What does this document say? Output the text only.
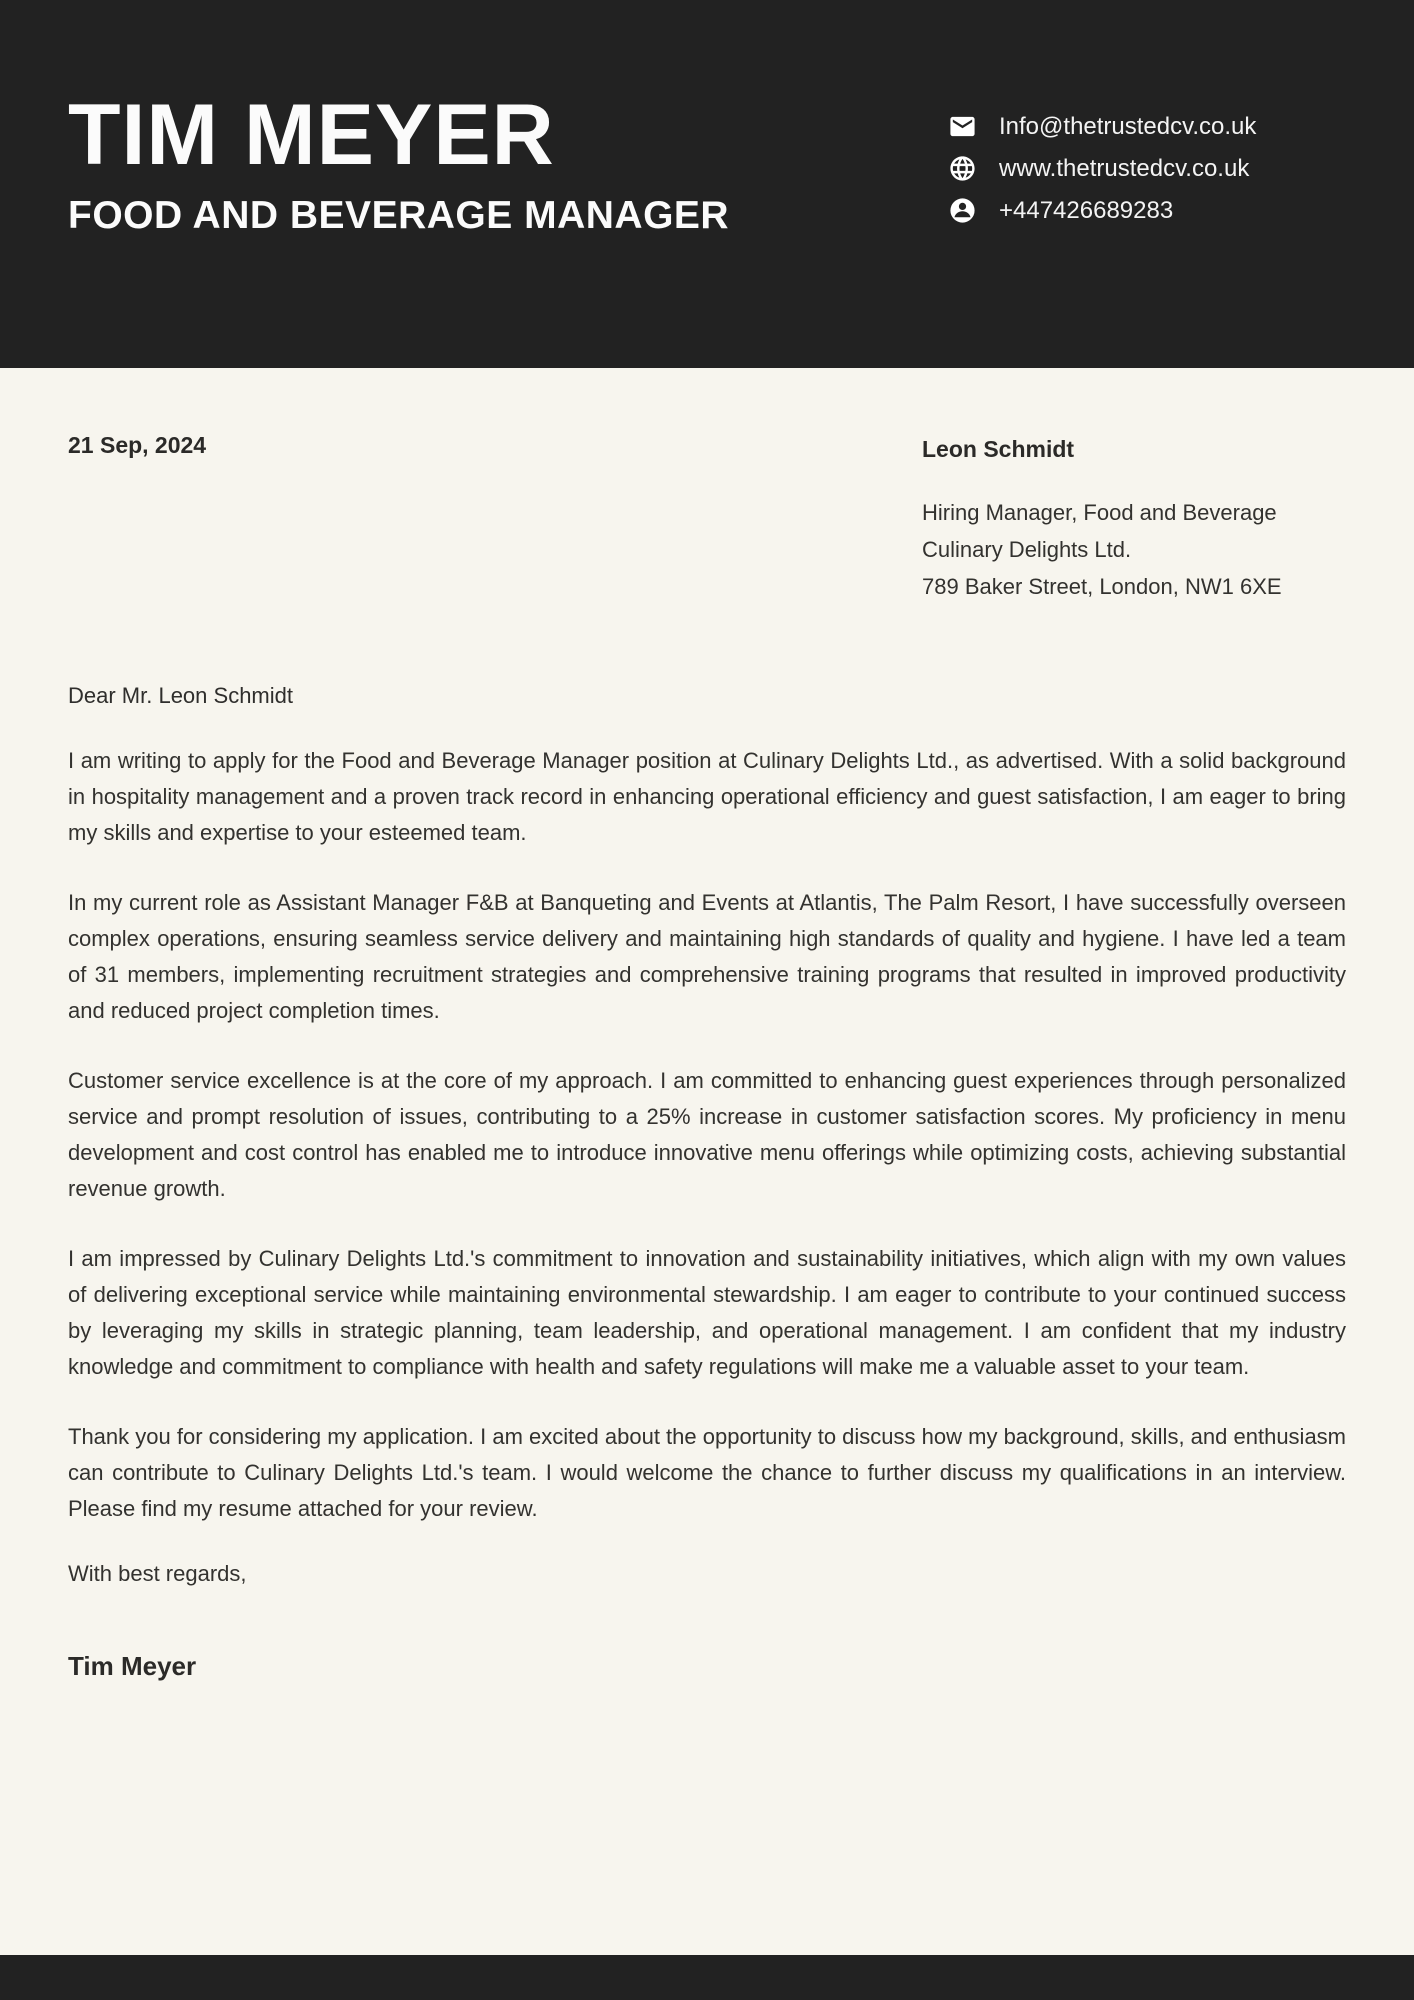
TIM MEYER
FOOD AND BEVERAGE MANAGER
Info@thetrustedcv.co.uk
www.thetrustedcv.co.uk
+447426689283
21 Sep, 2024	Leon Schmidt
Hiring Manager, Food and Beverage
Culinary Delights Ltd.
789 Baker Street, London, NW1 6XE

Dear Mr. Leon Schmidt

I am writing to apply for the Food and Beverage Manager position at Culinary Delights Ltd., as advertised. With a solid background in hospitality management and a proven track record in enhancing operational efficiency and guest satisfaction, I am eager to bring my skills and expertise to your esteemed team.

In my current role as Assistant Manager F&B at Banqueting and Events at Atlantis, The Palm Resort, I have successfully overseen complex operations, ensuring seamless service delivery and maintaining high standards of quality and hygiene. I have led a team of 31 members, implementing recruitment strategies and comprehensive training programs that resulted in improved productivity and reduced project completion times.

Customer service excellence is at the core of my approach. I am committed to enhancing guest experiences through personalized service and prompt resolution of issues, contributing to a 25% increase in customer satisfaction scores. My proficiency in menu development and cost control has enabled me to introduce innovative menu offerings while optimizing costs, achieving substantial revenue growth.

I am impressed by Culinary Delights Ltd.'s commitment to innovation and sustainability initiatives, which align with my own values of delivering exceptional service while maintaining environmental stewardship. I am eager to contribute to your continued success by leveraging my skills in strategic planning, team leadership, and operational management. I am confident that my industry knowledge and commitment to compliance with health and safety regulations will make me a valuable asset to your team.

Thank you for considering my application. I am excited about the opportunity to discuss how my background, skills, and enthusiasm can contribute to Culinary Delights Ltd.'s team. I would welcome the chance to further discuss my qualifications in an interview. Please find my resume attached for your review.

With best regards,

Tim Meyer
